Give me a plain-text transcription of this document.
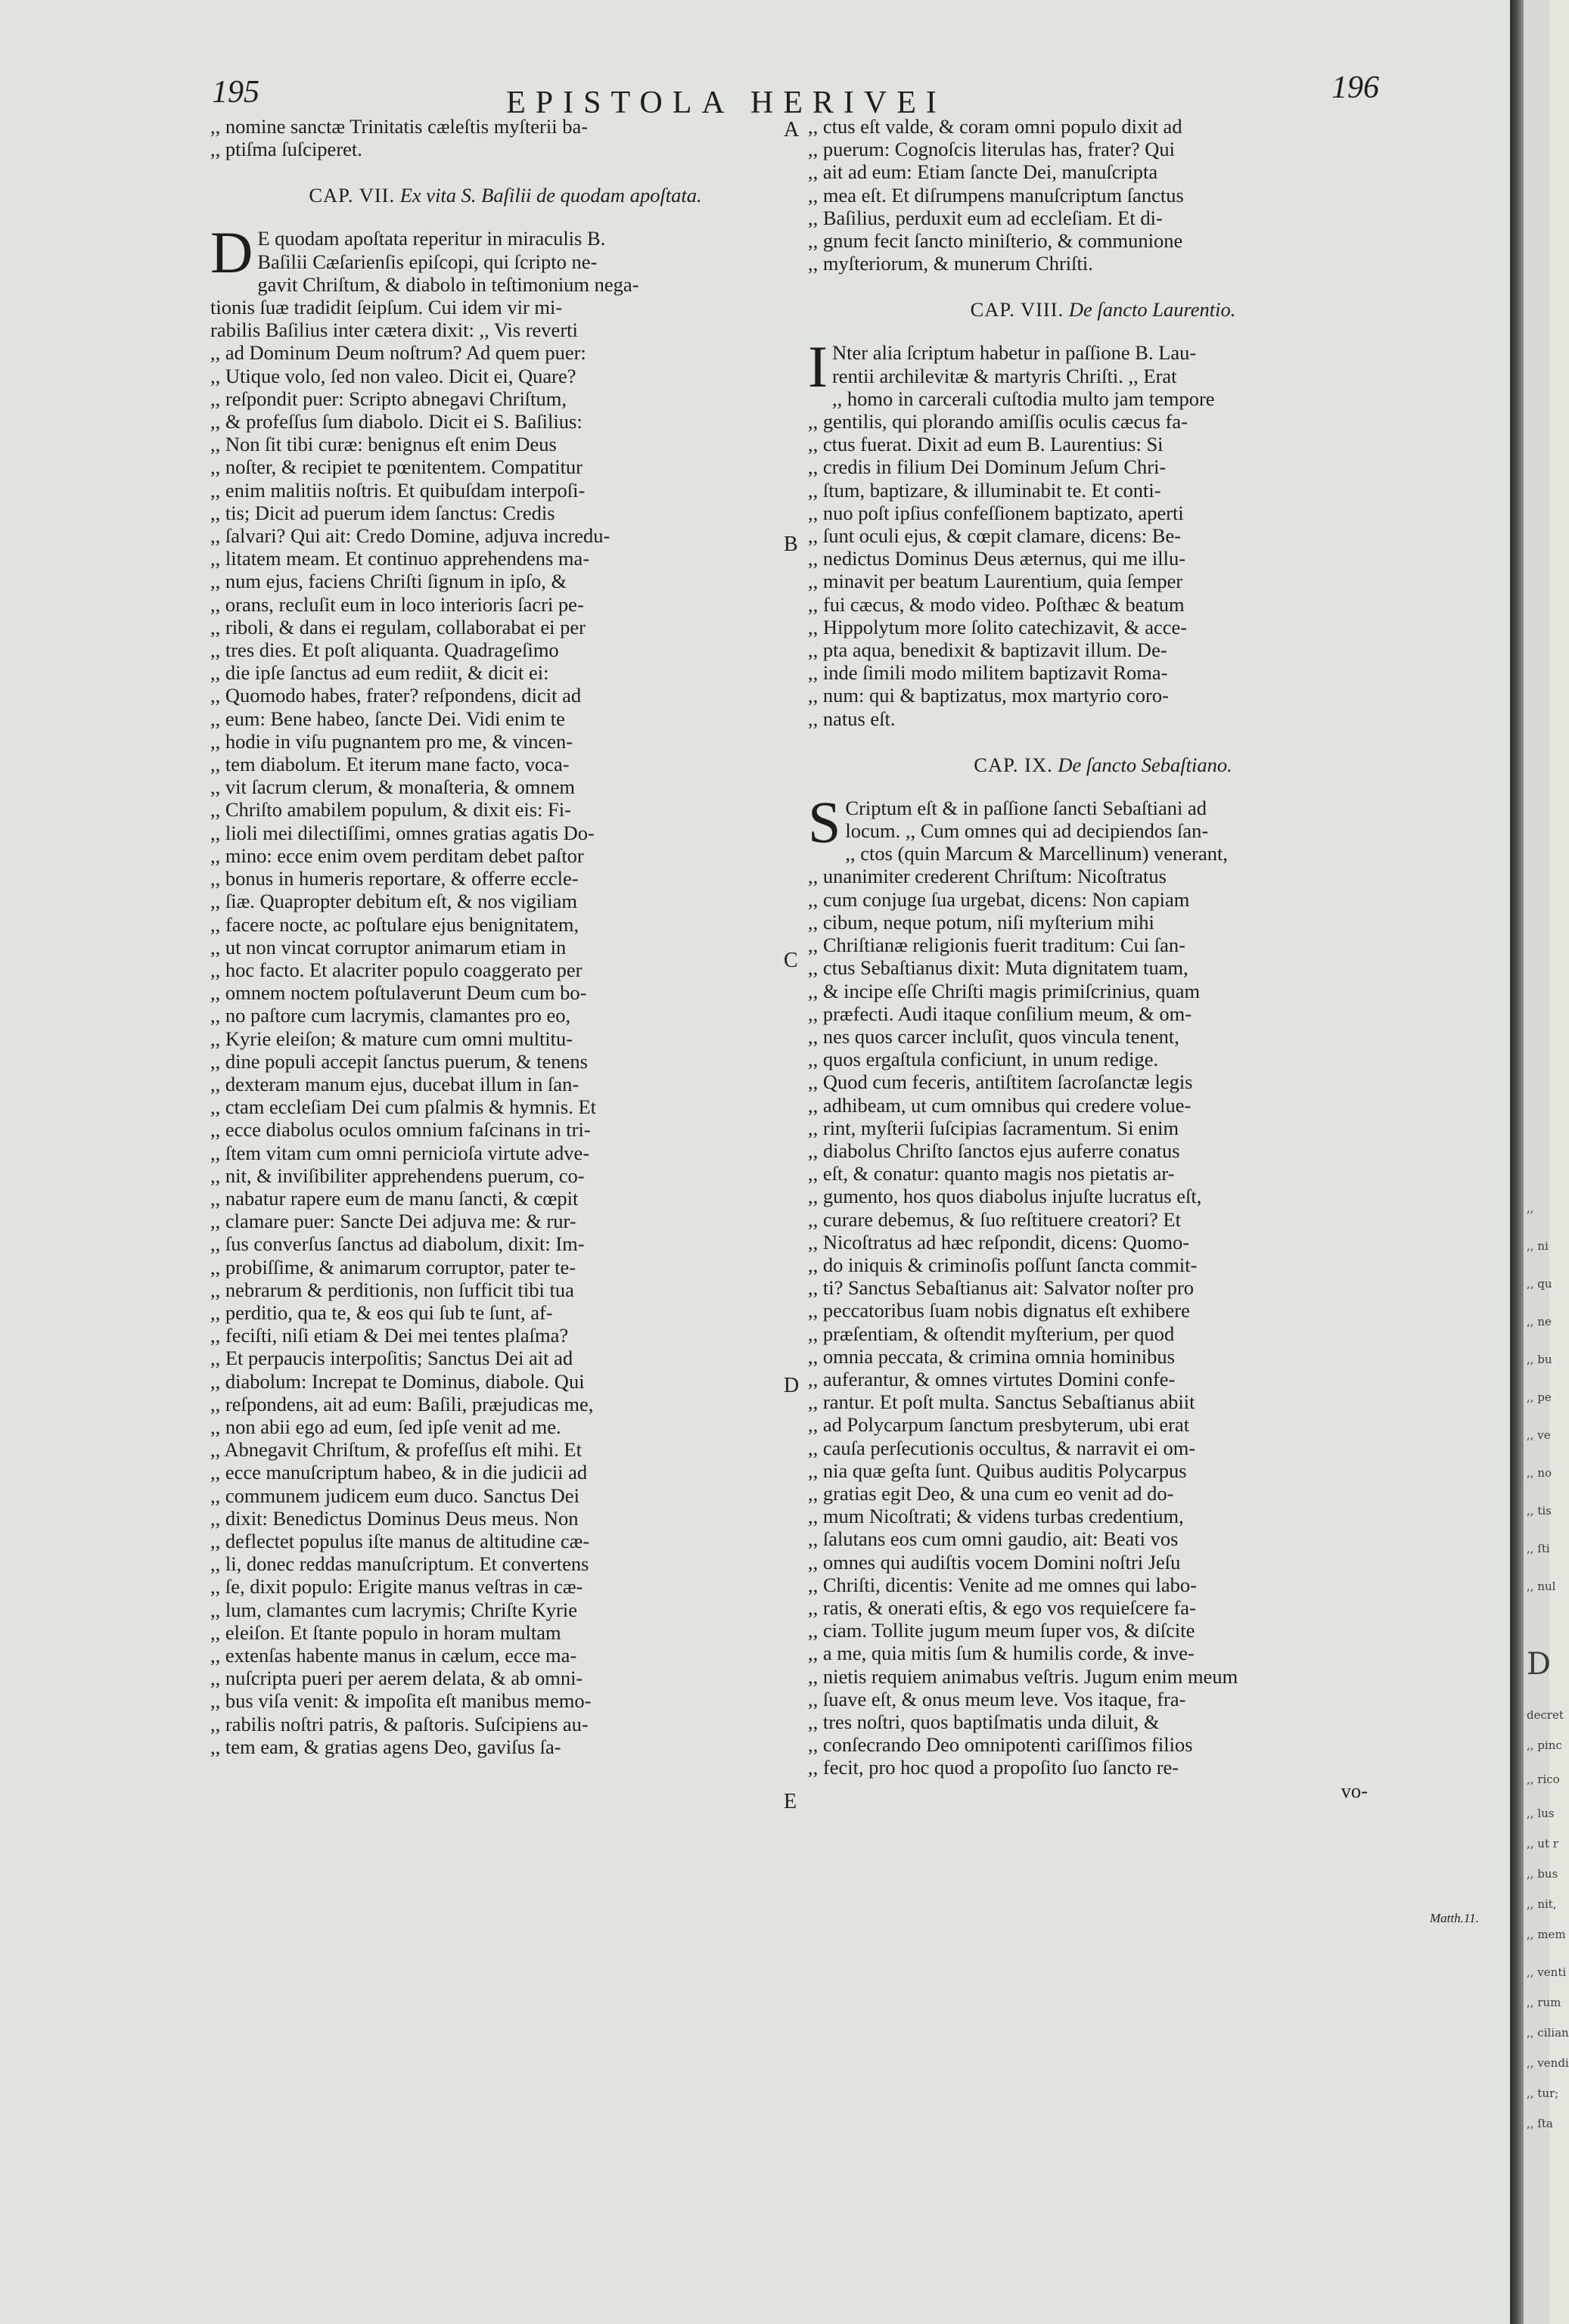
195	EPISTOLA HERIVEI	196
A
B
C
D
E
Matth.11.
,, nomine sanctæ Trinitatis cæleſtis myſterii ba-
,, ptiſma ſuſciperet.
CAP. VII. Ex vita S. Baſilii de quodam apoſtata.
D E quodam apoſtata reperitur in miraculis B.
Baſilii Cæſarienſis epiſcopi, qui ſcripto ne-
gavit Chriſtum, & diabolo in teſtimonium nega-
tionis ſuæ tradidit ſeipſum. Cui idem vir mi-
rabilis Baſilius inter cætera dixit: ,, Vis reverti
,, ad Dominum Deum noſtrum? Ad quem puer:
,, Utique volo, ſed non valeo. Dicit ei, Quare?
,, reſpondit puer: Scripto abnegavi Chriſtum,
,, & profeſſus ſum diabolo. Dicit ei S. Baſilius:
,, Non ſit tibi curæ: benignus eſt enim Deus
,, noſter, & recipiet te pœnitentem. Compatitur
,, enim malitiis noſtris. Et quibuſdam interpoſi-
,, tis; Dicit ad puerum idem ſanctus: Credis
,, ſalvari? Qui ait: Credo Domine, adjuva incredu-
,, litatem meam. Et continuo apprehendens ma-
,, num ejus, faciens Chriſti ſignum in ipſo, &
,, orans, recluſit eum in loco interioris ſacri pe-
,, riboli, & dans ei regulam, collaborabat ei per
,, tres dies. Et poſt aliquanta. Quadrageſimo
,, die ipſe ſanctus ad eum rediit, & dicit ei:
,, Quomodo habes, frater? reſpondens, dicit ad
,, eum: Bene habeo, ſancte Dei. Vidi enim te
,, hodie in viſu pugnantem pro me, & vincen-
,, tem diabolum. Et iterum mane facto, voca-
,, vit ſacrum clerum, & monaſteria, & omnem
,, Chriſto amabilem populum, & dixit eis: Fi-
,, lioli mei dilectiſſimi, omnes gratias agatis Do-
,, mino: ecce enim ovem perditam debet paſtor
,, bonus in humeris reportare, & offerre eccle-
,, ſiæ. Quapropter debitum eſt, & nos vigiliam
,, facere nocte, ac poſtulare ejus benignitatem,
,, ut non vincat corruptor animarum etiam in
,, hoc facto. Et alacriter populo coaggerato per
,, omnem noctem poſtulaverunt Deum cum bo-
,, no paſtore cum lacrymis, clamantes pro eo,
,, Kyrie eleiſon; & mature cum omni multitu-
,, dine populi accepit ſanctus puerum, & tenens
,, dexteram manum ejus, ducebat illum in ſan-
,, ctam eccleſiam Dei cum pſalmis & hymnis. Et
,, ecce diabolus oculos omnium faſcinans in tri-
,, ſtem vitam cum omni pernicioſa virtute adve-
,, nit, & inviſibiliter apprehendens puerum, co-
,, nabatur rapere eum de manu ſancti, & cœpit
,, clamare puer: Sancte Dei adjuva me: & rur-
,, ſus converſus ſanctus ad diabolum, dixit: Im-
,, probiſſime, & animarum corruptor, pater te-
,, nebrarum & perditionis, non ſufficit tibi tua
,, perditio, qua te, & eos qui ſub te ſunt, af-
,, feciſti, niſi etiam & Dei mei tentes plaſma?
,, Et perpaucis interpoſitis; Sanctus Dei ait ad
,, diabolum: Increpat te Dominus, diabole. Qui
,, reſpondens, ait ad eum: Baſili, præjudicas me,
,, non abii ego ad eum, ſed ipſe venit ad me.
,, Abnegavit Chriſtum, & profeſſus eſt mihi. Et
,, ecce manuſcriptum habeo, & in die judicii ad
,, communem judicem eum duco. Sanctus Dei
,, dixit: Benedictus Dominus Deus meus. Non
,, deflectet populus iſte manus de altitudine cæ-
,, li, donec reddas manuſcriptum. Et convertens
,, ſe, dixit populo: Erigite manus veſtras in cæ-
,, lum, clamantes cum lacrymis; Chriſte Kyrie
,, eleiſon. Et ſtante populo in horam multam
,, extenſas habente manus in cælum, ecce ma-
,, nuſcripta pueri per aerem delata, & ab omni-
,, bus viſa venit: & impoſita eſt manibus memo-
,, rabilis noſtri patris, & paſtoris. Suſcipiens au-
,, tem eam, & gratias agens Deo, gaviſus ſa-
,, ctus eſt valde, & coram omni populo dixit ad
,, puerum: Cognoſcis literulas has, frater? Qui
,, ait ad eum: Etiam ſancte Dei, manuſcripta
,, mea eſt. Et diſrumpens manuſcriptum ſanctus
,, Baſilius, perduxit eum ad eccleſiam. Et di-
,, gnum fecit ſancto miniſterio, & communione
,, myſteriorum, & munerum Chriſti.
CAP. VIII. De ſancto Laurentio.
I Nter alia ſcriptum habetur in paſſione B. Lau-
rentii archilevitæ & martyris Chriſti. ,, Erat
,, homo in carcerali cuſtodia multo jam tempore
,, gentilis, qui plorando amiſſis oculis cæcus fa-
,, ctus fuerat. Dixit ad eum B. Laurentius: Si
,, credis in filium Dei Dominum Jeſum Chri-
,, ſtum, baptizare, & illuminabit te. Et conti-
,, nuo poſt ipſius confeſſionem baptizato, aperti
,, ſunt oculi ejus, & cœpit clamare, dicens: Be-
,, nedictus Dominus Deus æternus, qui me illu-
,, minavit per beatum Laurentium, quia ſemper
,, fui cæcus, & modo video. Poſthæc & beatum
,, Hippolytum more ſolito catechizavit, & acce-
,, pta aqua, benedixit & baptizavit illum. De-
,, inde ſimili modo militem baptizavit Roma-
,, num: qui & baptizatus, mox martyrio coro-
,, natus eſt.
CAP. IX. De ſancto Sebaſtiano.
S Criptum eſt & in paſſione ſancti Sebaſtiani ad
locum. ,, Cum omnes qui ad decipiendos ſan-
,, ctos (quin Marcum & Marcellinum) venerant,
,, unanimiter crederent Chriſtum: Nicoſtratus
,, cum conjuge ſua urgebat, dicens: Non capiam
,, cibum, neque potum, niſi myſterium mihi
,, Chriſtianæ religionis fuerit traditum: Cui ſan-
,, ctus Sebaſtianus dixit: Muta dignitatem tuam,
,, & incipe eſſe Chriſti magis primiſcrinius, quam
,, præfecti. Audi itaque conſilium meum, & om-
,, nes quos carcer incluſit, quos vincula tenent,
,, quos ergaſtula conficiunt, in unum redige.
,, Quod cum feceris, antiſtitem ſacroſanctæ legis
,, adhibeam, ut cum omnibus qui credere volue-
,, rint, myſterii ſuſcipias ſacramentum. Si enim
,, diabolus Chriſto ſanctos ejus auferre conatus
,, eſt, & conatur: quanto magis nos pietatis ar-
,, gumento, hos quos diabolus injuſte lucratus eſt,
,, curare debemus, & ſuo reſtituere creatori? Et
,, Nicoſtratus ad hæc reſpondit, dicens: Quomo-
,, do iniquis & criminoſis poſſunt ſancta commit-
,, ti? Sanctus Sebaſtianus ait: Salvator noſter pro
,, peccatoribus ſuam nobis dignatus eſt exhibere
,, præſentiam, & oſtendit myſterium, per quod
,, omnia peccata, & crimina omnia hominibus
,, auferantur, & omnes virtutes Domini confe-
,, rantur. Et poſt multa. Sanctus Sebaſtianus abiit
,, ad Polycarpum ſanctum presbyterum, ubi erat
,, cauſa perſecutionis occultus, & narravit ei om-
,, nia quæ geſta ſunt. Quibus auditis Polycarpus
,, gratias egit Deo, & una cum eo venit ad do-
,, mum Nicoſtrati; & videns turbas credentium,
,, ſalutans eos cum omni gaudio, ait: Beati vos
,, omnes qui audiſtis vocem Domini noſtri Jeſu
,, Chriſti, dicentis: Venite ad me omnes qui labo-
,, ratis, & onerati eſtis, & ego vos requieſcere fa-
,, ciam. Tollite jugum meum ſuper vos, & diſcite
,, a me, quia mitis ſum & humilis corde, & inve-
,, nietis requiem animabus veſtris. Jugum enim meum
,, ſuave eſt, & onus meum leve. Vos itaque, fra-
,, tres noſtri, quos baptiſmatis unda diluit, &
,, conſecrando Deo omnipotenti cariſſimos filios
,, fecit, pro hoc quod a propoſito ſuo ſancto re-
vo-
,,
,, ni
,, qu
,, ne
,, bu
,, pe
,, ve
,, no
,, tis
,, ſti
,, nul
D
decret
,, pinc
,, rico
,, lus
,, ut r
,, bus
,, nit,
,, mem
,, venti
,, rum
,, cilian
,, vendi
,, tur;
,, ſta
